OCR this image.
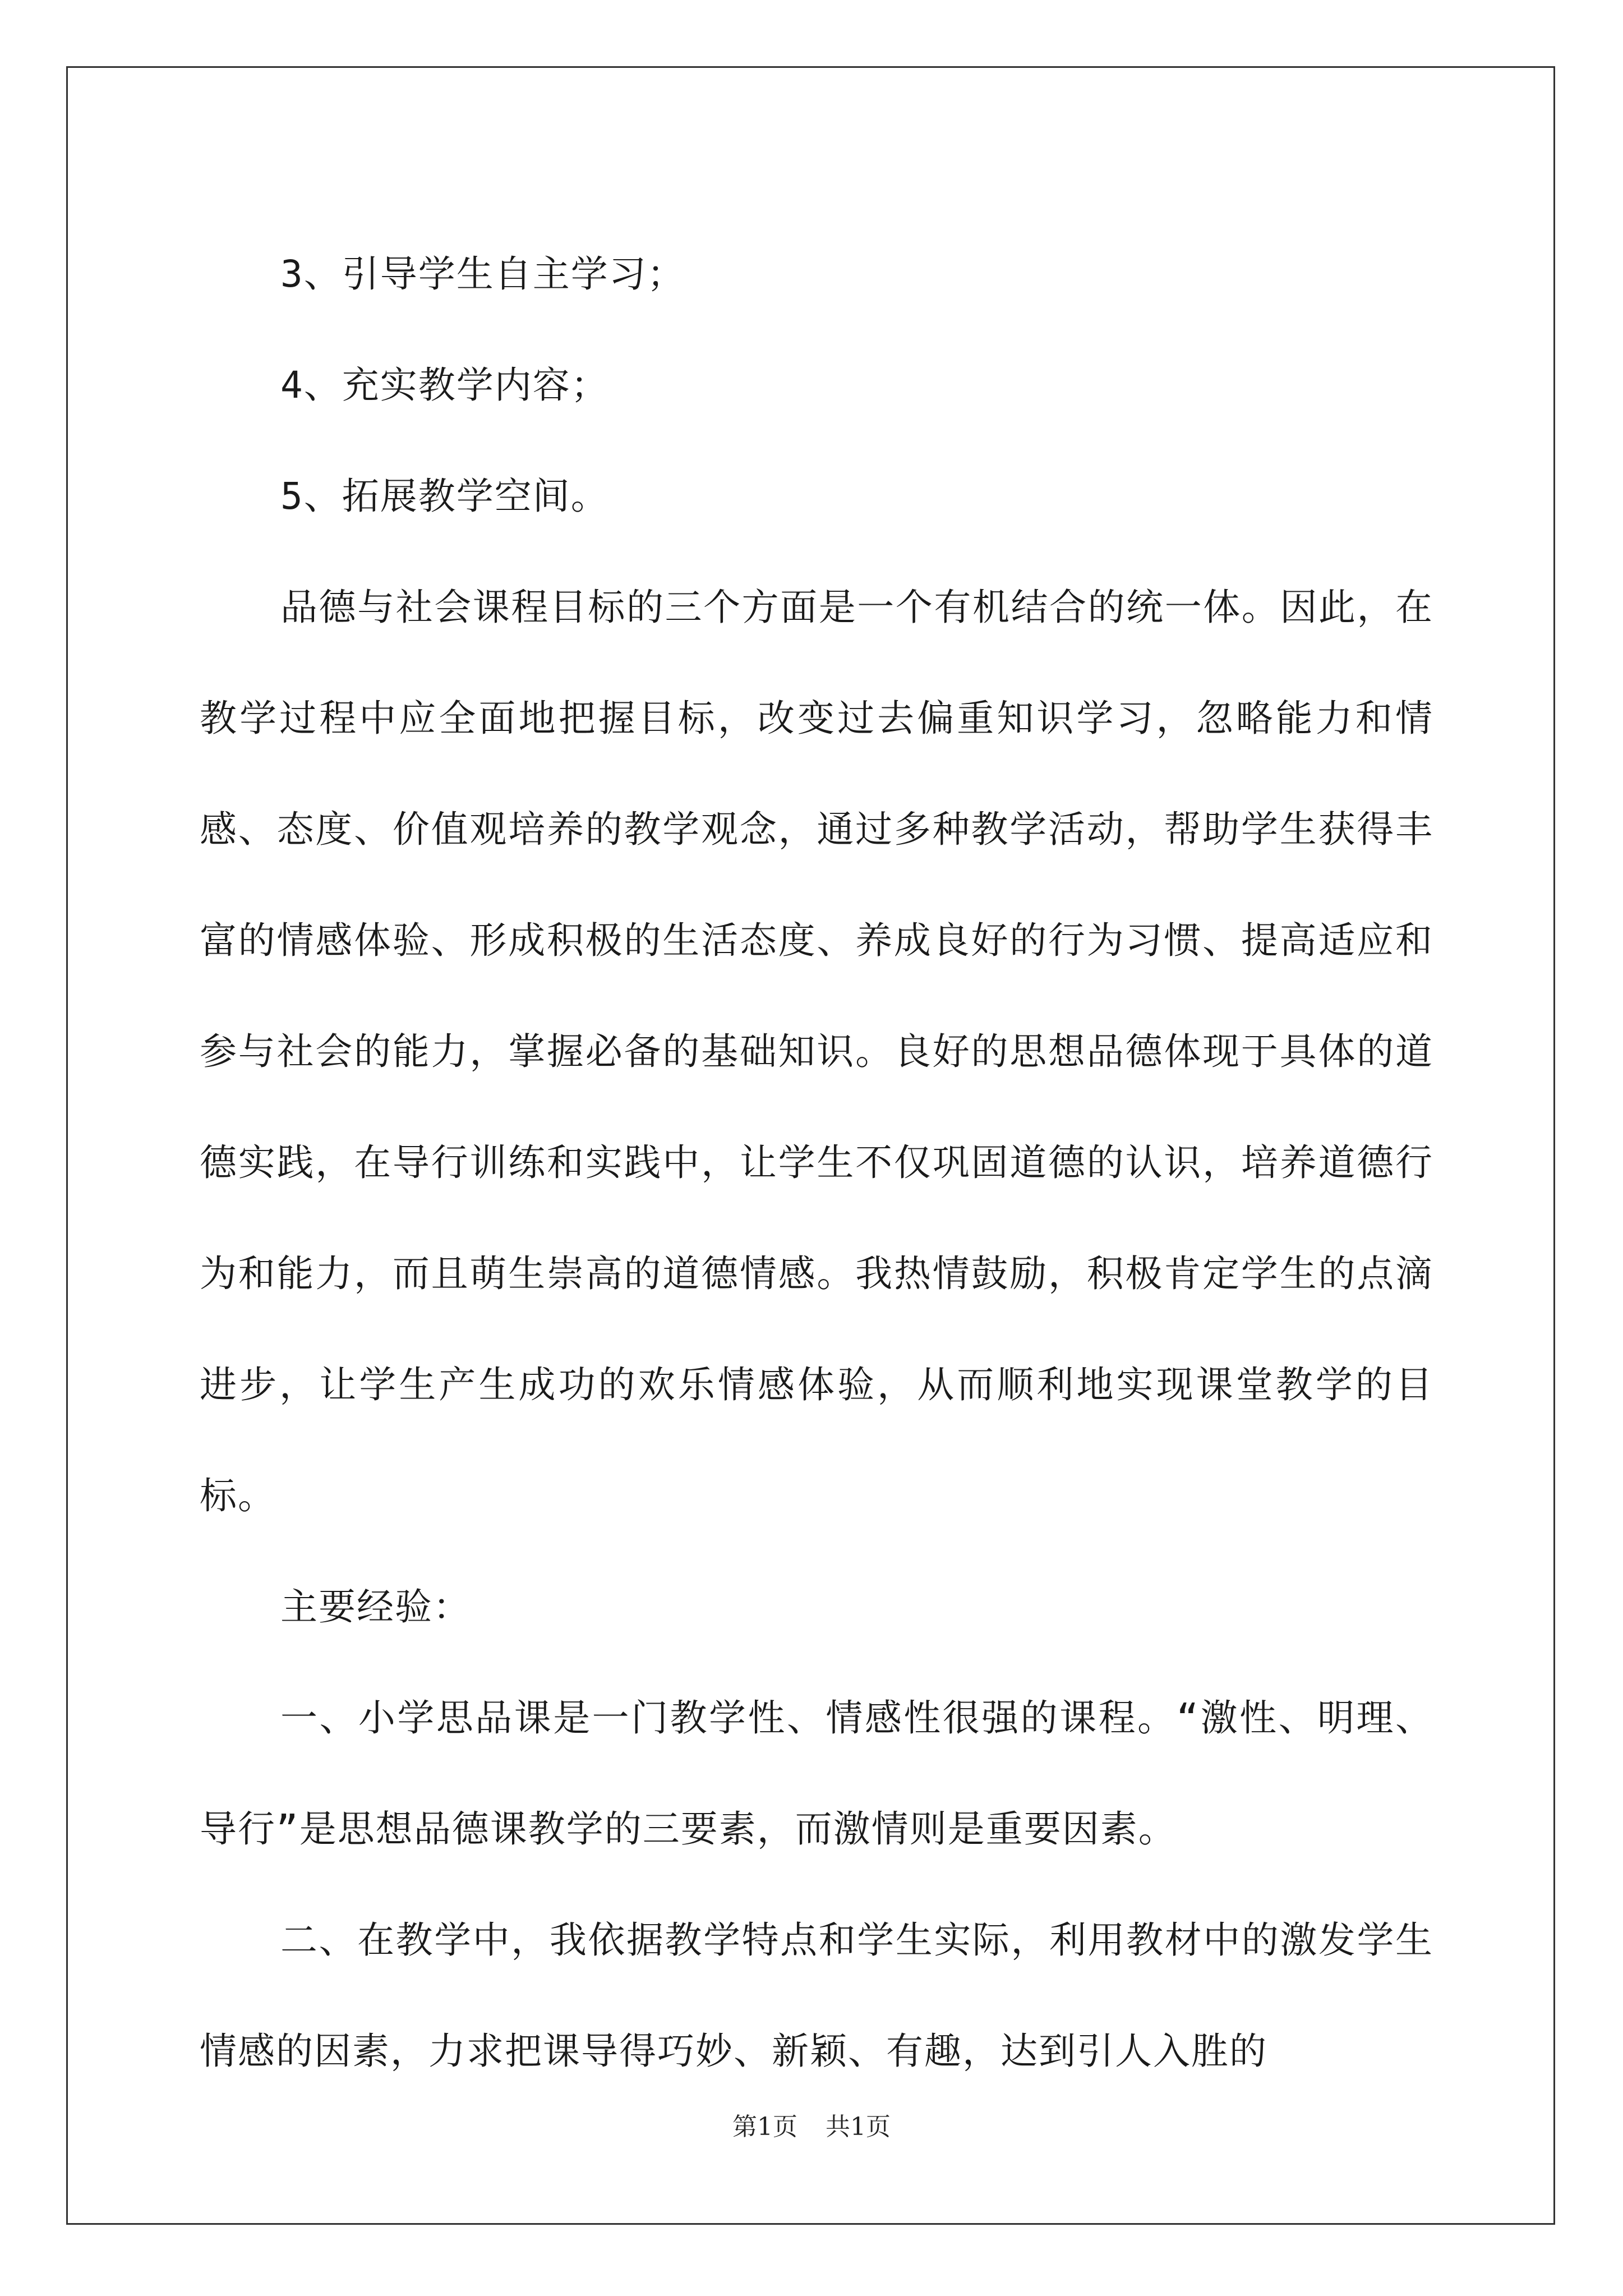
3、引导学生自主学习；

4、充实教学内容；

5、拓展教学空间。

品德与社会课程目标的三个方面是一个有机结合的统一体。因此，在教学过程中应全面地把握目标，改变过去偏重知识学习，忽略能力和情感、态度、价值观培养的教学观念，通过多种教学活动，帮助学生获得丰富的情感体验、形成积极的生活态度、养成良好的行为习惯、提高适应和参与社会的能力，掌握必备的基础知识。良好的思想品德体现于具体的道德实践，在导行训练和实践中，让学生不仅巩固道德的认识，培养道德行为和能力，而且萌生崇高的道德情感。我热情鼓励，积极肯定学生的点滴进步，让学生产生成功的欢乐情感体验，从而顺利地实现课堂教学的目标。

主要经验：

一、小学思品课是一门教学性、情感性很强的课程。“激性、明理、导行”是思想品德课教学的三要素，而激情则是重要因素。

二、在教学中，我依据教学特点和学生实际，利用教材中的激发学生情感的因素，力求把课导得巧妙、新颖、有趣，达到引人入胜的

第1页 共1页
